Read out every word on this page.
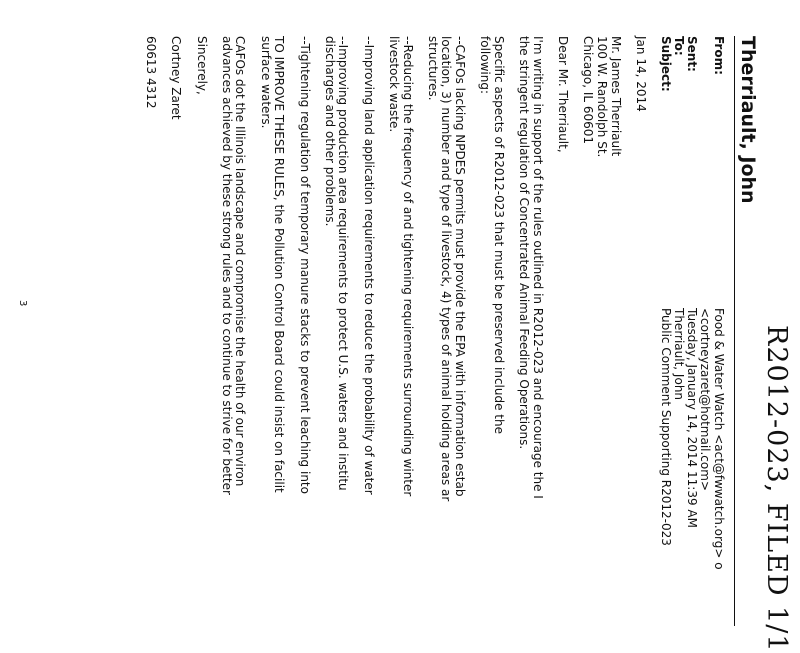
R2012-023, FILED 1/1
Therriault, John
From:
Food & Water Watch <act@fwwatch.org> o
<cortneyzaret@hotmail.com>
Sent:
Tuesday, January 14, 2014 11:39 AM
To:
Therriault, John
Subject:
Public Comment Supporting R2012-023
Jan 14, 2014
Mr. James Therriault
100 W. Randolph St.
Chicago, IL 60601
Dear Mr. Therriault,
I'm writing in support of the rules outlined in R2012-023 and encourage the I
the stringent regulation of Concentrated Animal Feeding Operations.
Specific aspects of R2012-023 that must be preserved include the
following:
--CAFOs lacking NPDES permits must provide the EPA with information estab
location, 3) number and type of livestock, 4) types of animal holding areas ar
structures.
--Reducing the frequency of and tightening requirements surrounding winter
livestock waste.
--Improving land application requirements to reduce the probability of water
--Improving production area requirements to protect U.S. waters and institu
discharges and other problems.
--Tightening regulation of temporary manure stacks to prevent leaching into
TO IMPROVE THESE RULES, the Pollution Control Board could insist on facilit
surface waters.
CAFOs dot the Illinois landscape and compromise the health of our environ
advances achieved by these strong rules and to continue to strive for better
Sincerely,
Cortney Zaret
60613 4312
3
